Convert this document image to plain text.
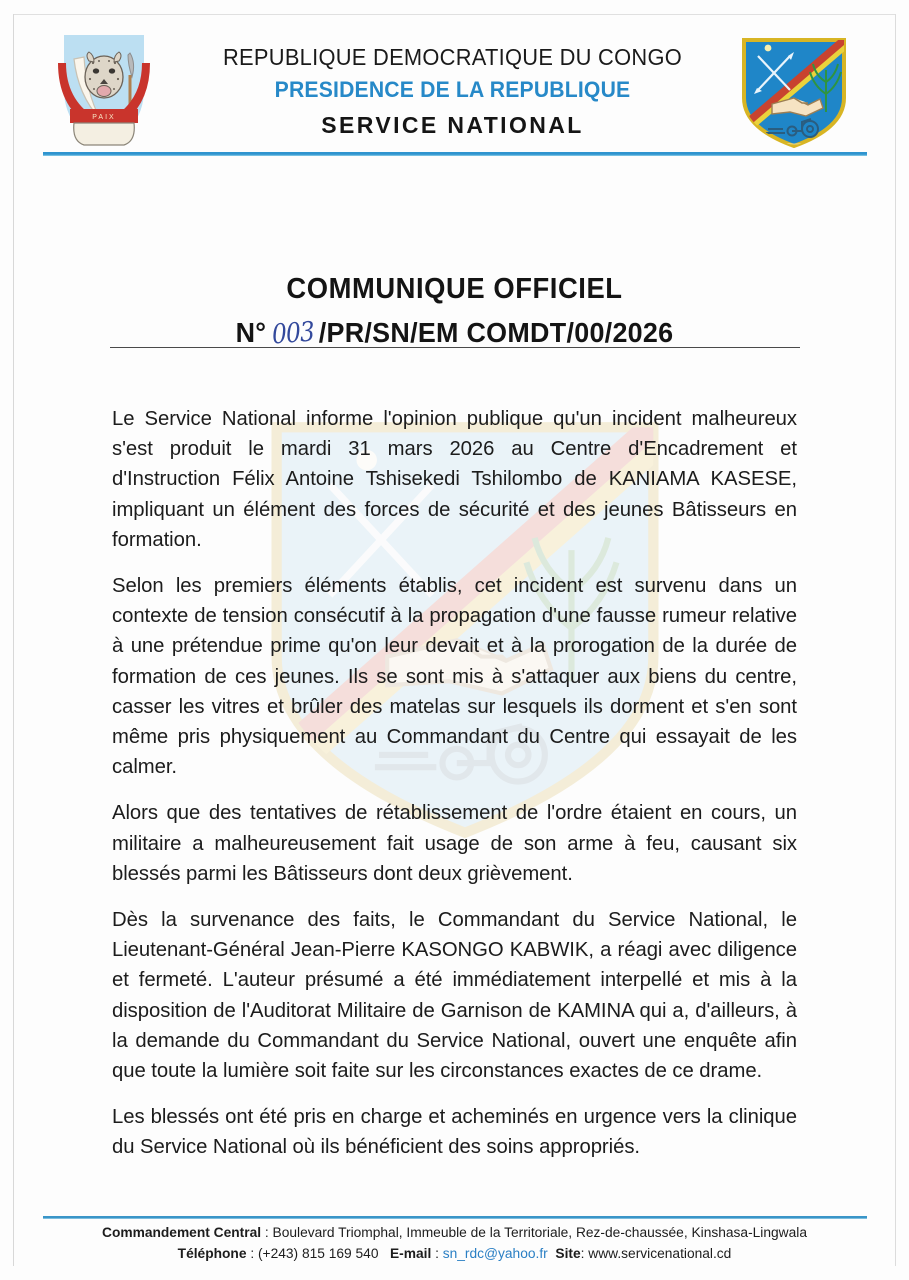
PAIX
REPUBLIQUE DEMOCRATIQUE DU CONGO
PRESIDENCE DE LA REPUBLIQUE
SERVICE NATIONAL
COMMUNIQUE OFFICIEL
N° 003 /PR/SN/EM COMDT/00/2026

Le Service National informe l'opinion publique qu'un incident malheureux s'est produit le mardi 31 mars 2026 au Centre d'Encadrement et d'Instruction Félix Antoine Tshisekedi Tshilombo de KANIAMA KASESE, impliquant un élément des forces de sécurité et des jeunes Bâtisseurs en formation.

Selon les premiers éléments établis, cet incident est survenu dans un contexte de tension consécutif à la propagation d'une fausse rumeur relative à une prétendue prime qu'on leur devait et à la prorogation de la durée de formation de ces jeunes. Ils se sont mis à s'attaquer aux biens du centre, casser les vitres et brûler des matelas sur lesquels ils dorment et s'en sont même pris physiquement au Commandant du Centre qui essayait de les calmer.

Alors que des tentatives de rétablissement de l'ordre étaient en cours, un militaire a malheureusement fait usage de son arme à feu, causant six blessés parmi les Bâtisseurs dont deux grièvement.

Dès la survenance des faits, le Commandant du Service National, le Lieutenant-Général Jean-Pierre KASONGO KABWIK, a réagi avec diligence et fermeté. L'auteur présumé a été immédiatement interpellé et mis à la disposition de l'Auditorat Militaire de Garnison de KAMINA qui a, d'ailleurs, à la demande du Commandant du Service National, ouvert une enquête afin que toute la lumière soit faite sur les circonstances exactes de ce drame.

Les blessés ont été pris en charge et acheminés en urgence vers la clinique du Service National où ils bénéficient des soins appropriés.

Commandement Central : Boulevard Triomphal, Immeuble de la Territoriale, Rez-de-chaussée, Kinshasa-Lingwala
Téléphone : (+243) 815 169 540 E-mail : sn_rdc@yahoo.fr Site: www.servicenational.cd
